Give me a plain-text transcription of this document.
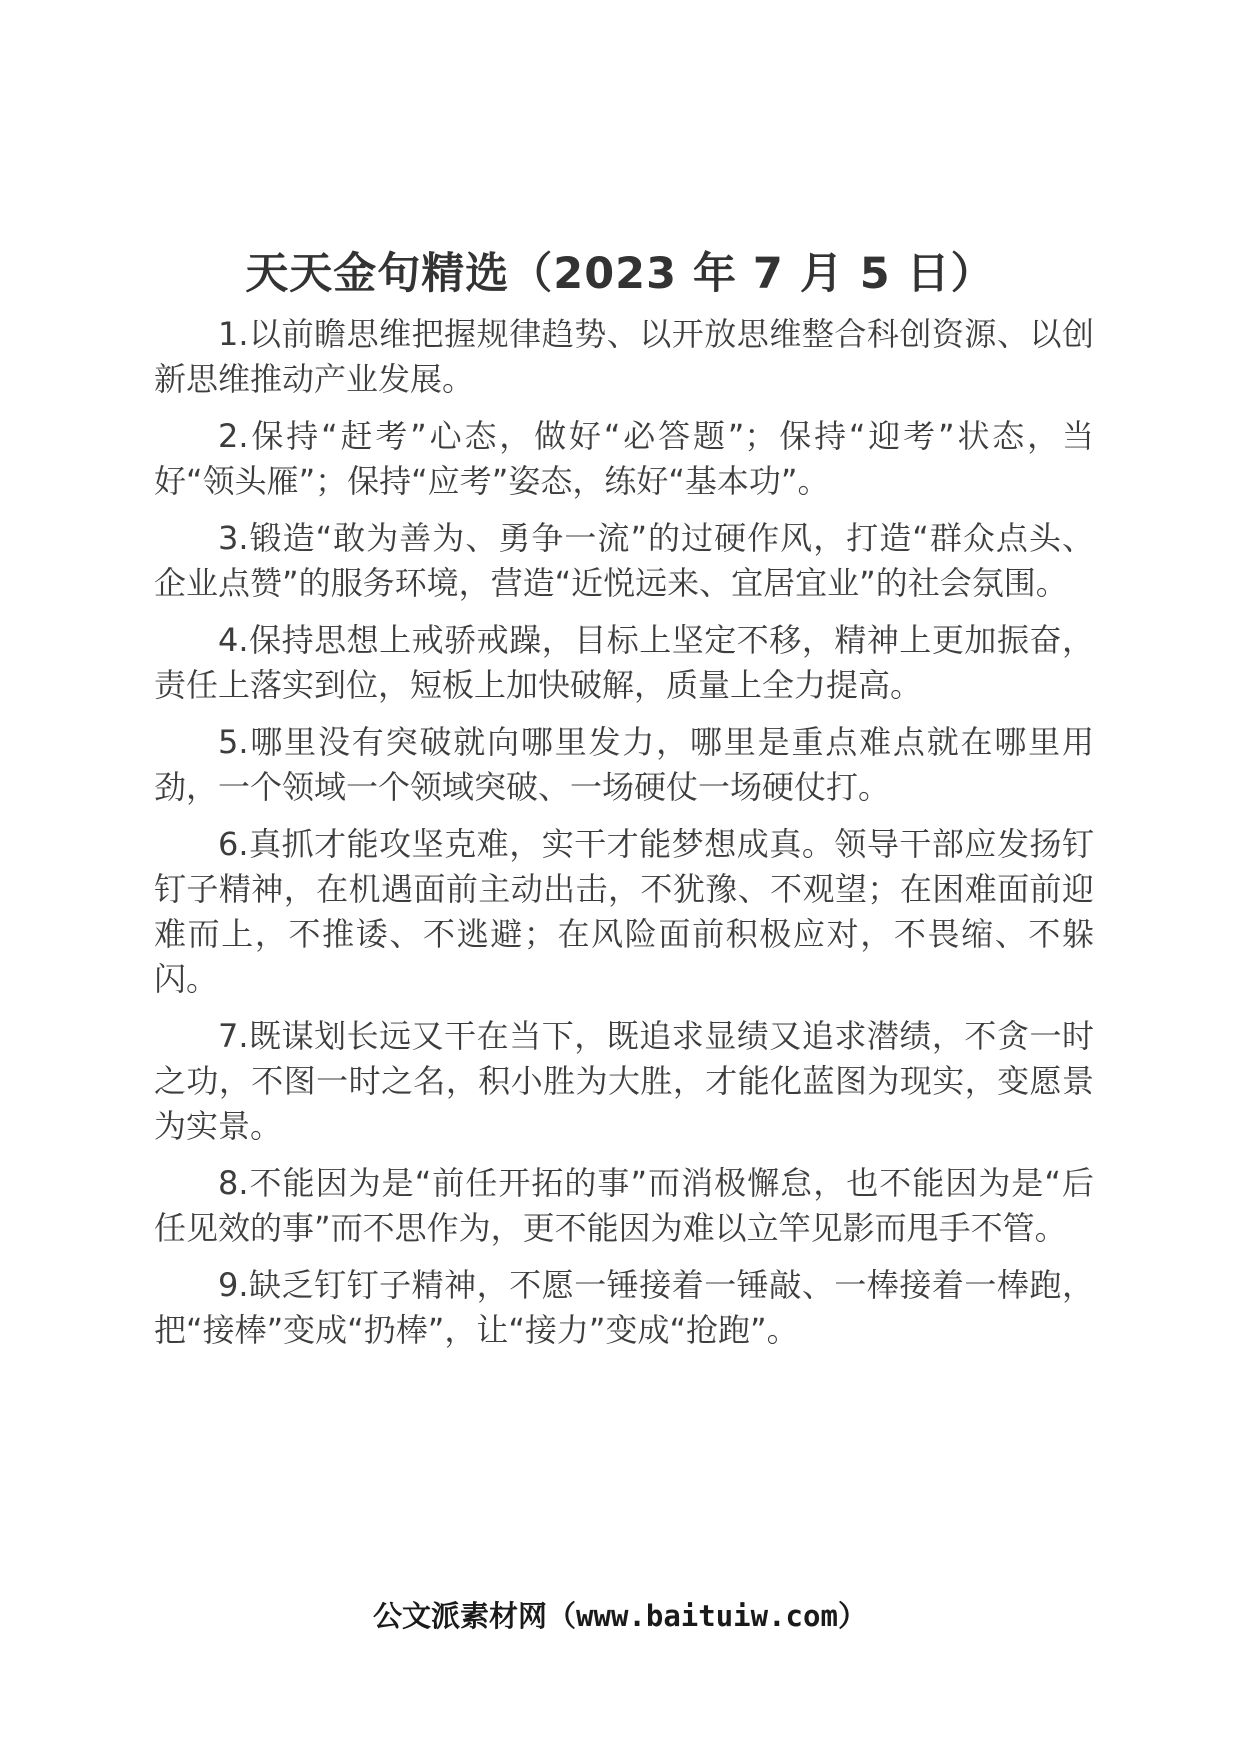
天天金句精选（2023 年 7 月 5 日）

1.以前瞻思维把握规律趋势、以开放思维整合科创资源、以创新思维推动产业发展。

2.保持“赶考”心态，做好“必答题”；保持“迎考”状态，当好“领头雁”；保持“应考”姿态，练好“基本功”。

3.锻造“敢为善为、勇争一流”的过硬作风，打造“群众点头、企业点赞”的服务环境，营造“近悦远来、宜居宜业”的社会氛围。

4.保持思想上戒骄戒躁，目标上坚定不移，精神上更加振奋，责任上落实到位，短板上加快破解，质量上全力提高。

5.哪里没有突破就向哪里发力，哪里是重点难点就在哪里用劲，一个领域一个领域突破、一场硬仗一场硬仗打。

6.真抓才能攻坚克难，实干才能梦想成真。领导干部应发扬钉钉子精神，在机遇面前主动出击，不犹豫、不观望；在困难面前迎难而上，不推诿、不逃避；在风险面前积极应对，不畏缩、不躲闪。

7.既谋划长远又干在当下，既追求显绩又追求潜绩，不贪一时之功，不图一时之名，积小胜为大胜，才能化蓝图为现实，变愿景为实景。

8.不能因为是“前任开拓的事”而消极懈怠，也不能因为是“后任见效的事”而不思作为，更不能因为难以立竿见影而甩手不管。

9.缺乏钉钉子精神，不愿一锤接着一锤敲、一棒接着一棒跑，把“接棒”变成“扔棒”，让“接力”变成“抢跑”。

公文派素材网（www.baituiw.com）
